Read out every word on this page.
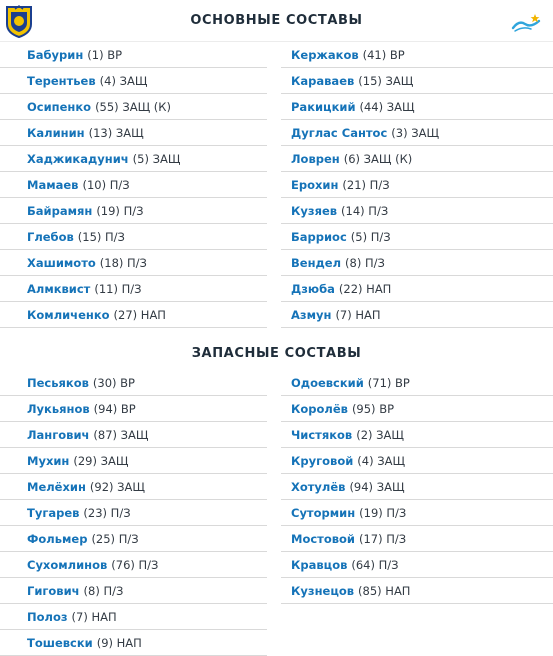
ОСНОВНЫЕ СОСТАВЫ
Бабурин (1) ВР
Терентьев (4) ЗАЩ
Осипенко (55) ЗАЩ (К)
Калинин (13) ЗАЩ
Хаджикадунич (5) ЗАЩ
Мамаев (10) П/З
Байрамян (19) П/З
Глебов (15) П/З
Хашимото (18) П/З
Алмквист (11) П/З
Комличенко (27) НАП
Кержаков (41) ВР
Караваев (15) ЗАЩ
Ракицкий (44) ЗАЩ
Дуглас Сантос (3) ЗАЩ
Ловрен (6) ЗАЩ (К)
Ерохин (21) П/З
Кузяев (14) П/З
Барриос (5) П/З
Вендел (8) П/З
Дзюба (22) НАП
Азмун (7) НАП
ЗАПАСНЫЕ СОСТАВЫ
Песьяков (30) ВР
Лукьянов (94) ВР
Лангович (87) ЗАЩ
Мухин (29) ЗАЩ
Мелёхин (92) ЗАЩ
Тугарев (23) П/З
Фольмер (25) П/З
Сухомлинов (76) П/З
Гигович (8) П/З
Полоз (7) НАП
Тошевски (9) НАП
Одоевский (71) ВР
Королёв (95) ВР
Чистяков (2) ЗАЩ
Круговой (4) ЗАЩ
Хотулёв (94) ЗАЩ
Сутормин (19) П/З
Мостовой (17) П/З
Кравцов (64) П/З
Кузнецов (85) НАП
